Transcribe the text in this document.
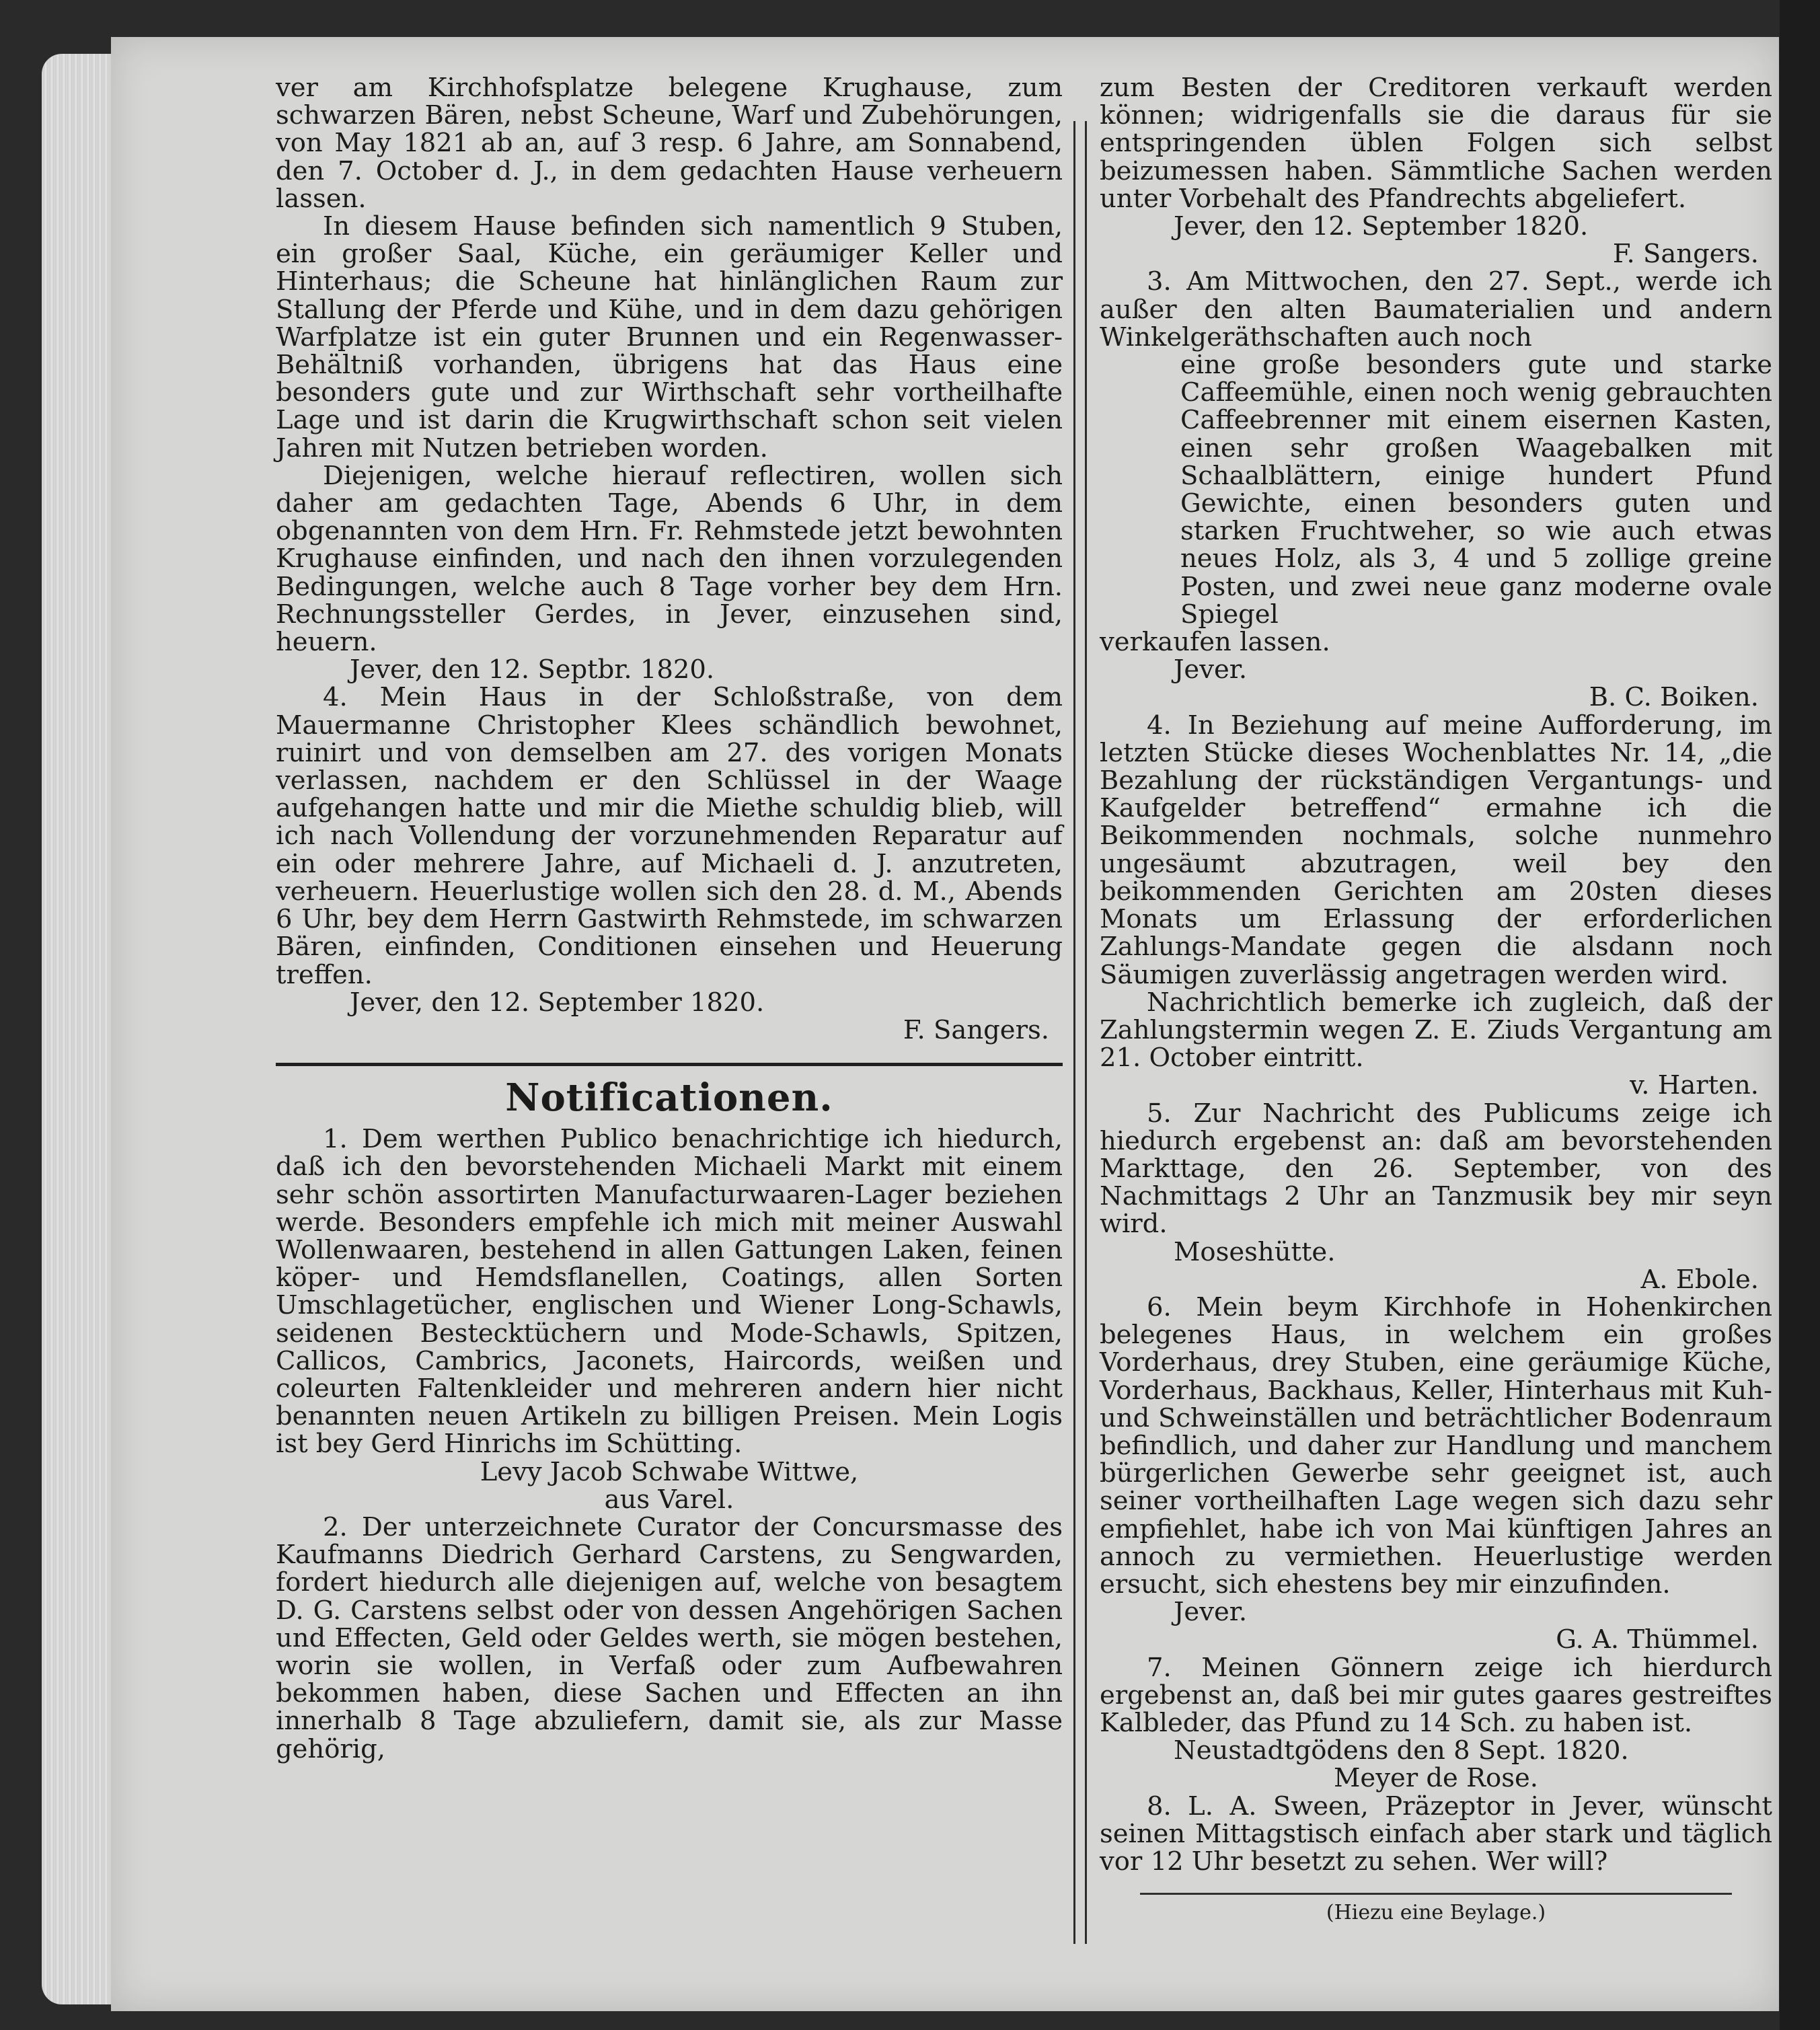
ver am Kirchhofsplatze belegene Krughause, zum schwarzen Bären, nebst Scheune, Warf und Zubehörungen, von May 1821 ab an, auf 3 resp. 6 Jahre, am Sonnabend, den 7. October d. J., in dem gedachten Hause verheuern lassen.

In diesem Hause befinden sich namentlich 9 Stuben, ein großer Saal, Küche, ein geräumiger Keller und Hinterhaus; die Scheune hat hinlänglichen Raum zur Stallung der Pferde und Kühe, und in dem dazu gehörigen Warfplatze ist ein guter Brunnen und ein Regenwasser-Behältniß vorhanden, übrigens hat das Haus eine besonders gute und zur Wirthschaft sehr vortheilhafte Lage und ist darin die Krugwirthschaft schon seit vielen Jahren mit Nutzen betrieben worden.

Diejenigen, welche hierauf reflectiren, wollen sich daher am gedachten Tage, Abends 6 Uhr, in dem obgenannten von dem Hrn. Fr. Rehmstede jetzt bewohnten Krughause einfinden, und nach den ihnen vorzulegenden Bedingungen, welche auch 8 Tage vorher bey dem Hrn. Rechnungssteller Gerdes, in Jever, einzusehen sind, heuern.

Jever, den 12. Septbr. 1820.

4. Mein Haus in der Schloßstraße, von dem Mauermanne Christopher Klees schändlich bewohnet, ruinirt und von demselben am 27. des vorigen Monats verlassen, nachdem er den Schlüssel in der Waage aufgehangen hatte und mir die Miethe schuldig blieb, will ich nach Vollendung der vorzunehmenden Reparatur auf ein oder mehrere Jahre, auf Michaeli d. J. anzutreten, verheuern. Heuerlustige wollen sich den 28. d. M., Abends 6 Uhr, bey dem Herrn Gastwirth Rehmstede, im schwarzen Bären, einfinden, Conditionen einsehen und Heuerung treffen.

Jever, den 12. September 1820.

F. Sangers.

Notificationen.

1. Dem werthen Publico benachrichtige ich hiedurch, daß ich den bevorstehenden Michaeli Markt mit einem sehr schön assortirten Manufacturwaaren-Lager beziehen werde. Besonders empfehle ich mich mit meiner Auswahl Wollenwaaren, bestehend in allen Gattungen Laken, feinen köper- und Hemdsflanellen, Coatings, allen Sorten Umschlagetücher, englischen und Wiener Long-Schawls, seidenen Bestecktüchern und Mode-Schawls, Spitzen, Callicos, Cambrics, Jaconets, Haircords, weißen und coleurten Faltenkleider und mehreren andern hier nicht benannten neuen Artikeln zu billigen Preisen. Mein Logis ist bey Gerd Hinrichs im Schütting.

Levy Jacob Schwabe Wittwe,

aus Varel.

2. Der unterzeichnete Curator der Concursmasse des Kaufmanns Diedrich Gerhard Carstens, zu Sengwarden, fordert hiedurch alle diejenigen auf, welche von besagtem D. G. Carstens selbst oder von dessen Angehörigen Sachen und Effecten, Geld oder Geldes werth, sie mögen bestehen, worin sie wollen, in Verfaß oder zum Aufbewahren bekommen haben, diese Sachen und Effecten an ihn innerhalb 8 Tage abzuliefern, damit sie, als zur Masse gehörig,

zum Besten der Creditoren verkauft werden können; widrigenfalls sie die daraus für sie entspringenden üblen Folgen sich selbst beizumessen haben. Sämmtliche Sachen werden unter Vorbehalt des Pfandrechts abgeliefert.

Jever, den 12. September 1820.

F. Sangers.

3. Am Mittwochen, den 27. Sept., werde ich außer den alten Baumaterialien und andern Winkelgeräthschaften auch noch

eine große besonders gute und starke Caffeemühle, einen noch wenig gebrauchten Caffeebrenner mit einem eisernen Kasten, einen sehr großen Waagebalken mit Schaalblättern, einige hundert Pfund Gewichte, einen besonders guten und starken Fruchtweher, so wie auch etwas neues Holz, als 3, 4 und 5 zollige greine Posten, und zwei neue ganz moderne ovale Spiegel

verkaufen lassen.

Jever.

B. C. Boiken.

4. In Beziehung auf meine Aufforderung, im letzten Stücke dieses Wochenblattes Nr. 14, „die Bezahlung der rückständigen Vergantungs- und Kaufgelder betreffend“ ermahne ich die Beikommenden nochmals, solche nunmehro ungesäumt abzutragen, weil bey den beikommenden Gerichten am 20sten dieses Monats um Erlassung der erforderlichen Zahlungs-Mandate gegen die alsdann noch Säumigen zuverlässig angetragen werden wird.

Nachrichtlich bemerke ich zugleich, daß der Zahlungstermin wegen Z. E. Ziuds Vergantung am 21. October eintritt.

v. Harten.

5. Zur Nachricht des Publicums zeige ich hiedurch ergebenst an: daß am bevorstehenden Markttage, den 26. September, von des Nachmittags 2 Uhr an Tanzmusik bey mir seyn wird.

Moseshütte.

A. Ebole.

6. Mein beym Kirchhofe in Hohenkirchen belegenes Haus, in welchem ein großes Vorderhaus, drey Stuben, eine geräumige Küche, Vorderhaus, Backhaus, Keller, Hinterhaus mit Kuh- und Schweinställen und beträchtlicher Bodenraum befindlich, und daher zur Handlung und manchem bürgerlichen Gewerbe sehr geeignet ist, auch seiner vortheilhaften Lage wegen sich dazu sehr empfiehlet, habe ich von Mai künftigen Jahres an annoch zu vermiethen. Heuerlustige werden ersucht, sich ehestens bey mir einzufinden.

Jever.

G. A. Thümmel.

7. Meinen Gönnern zeige ich hierdurch ergebenst an, daß bei mir gutes gaares gestreiftes Kalbleder, das Pfund zu 14 Sch. zu haben ist.

Neustadtgödens den 8 Sept. 1820.

Meyer de Rose.

8. L. A. Sween, Präzeptor in Jever, wünscht seinen Mittagstisch einfach aber stark und täglich vor 12 Uhr besetzt zu sehen. Wer will?

(Hiezu eine Beylage.)
